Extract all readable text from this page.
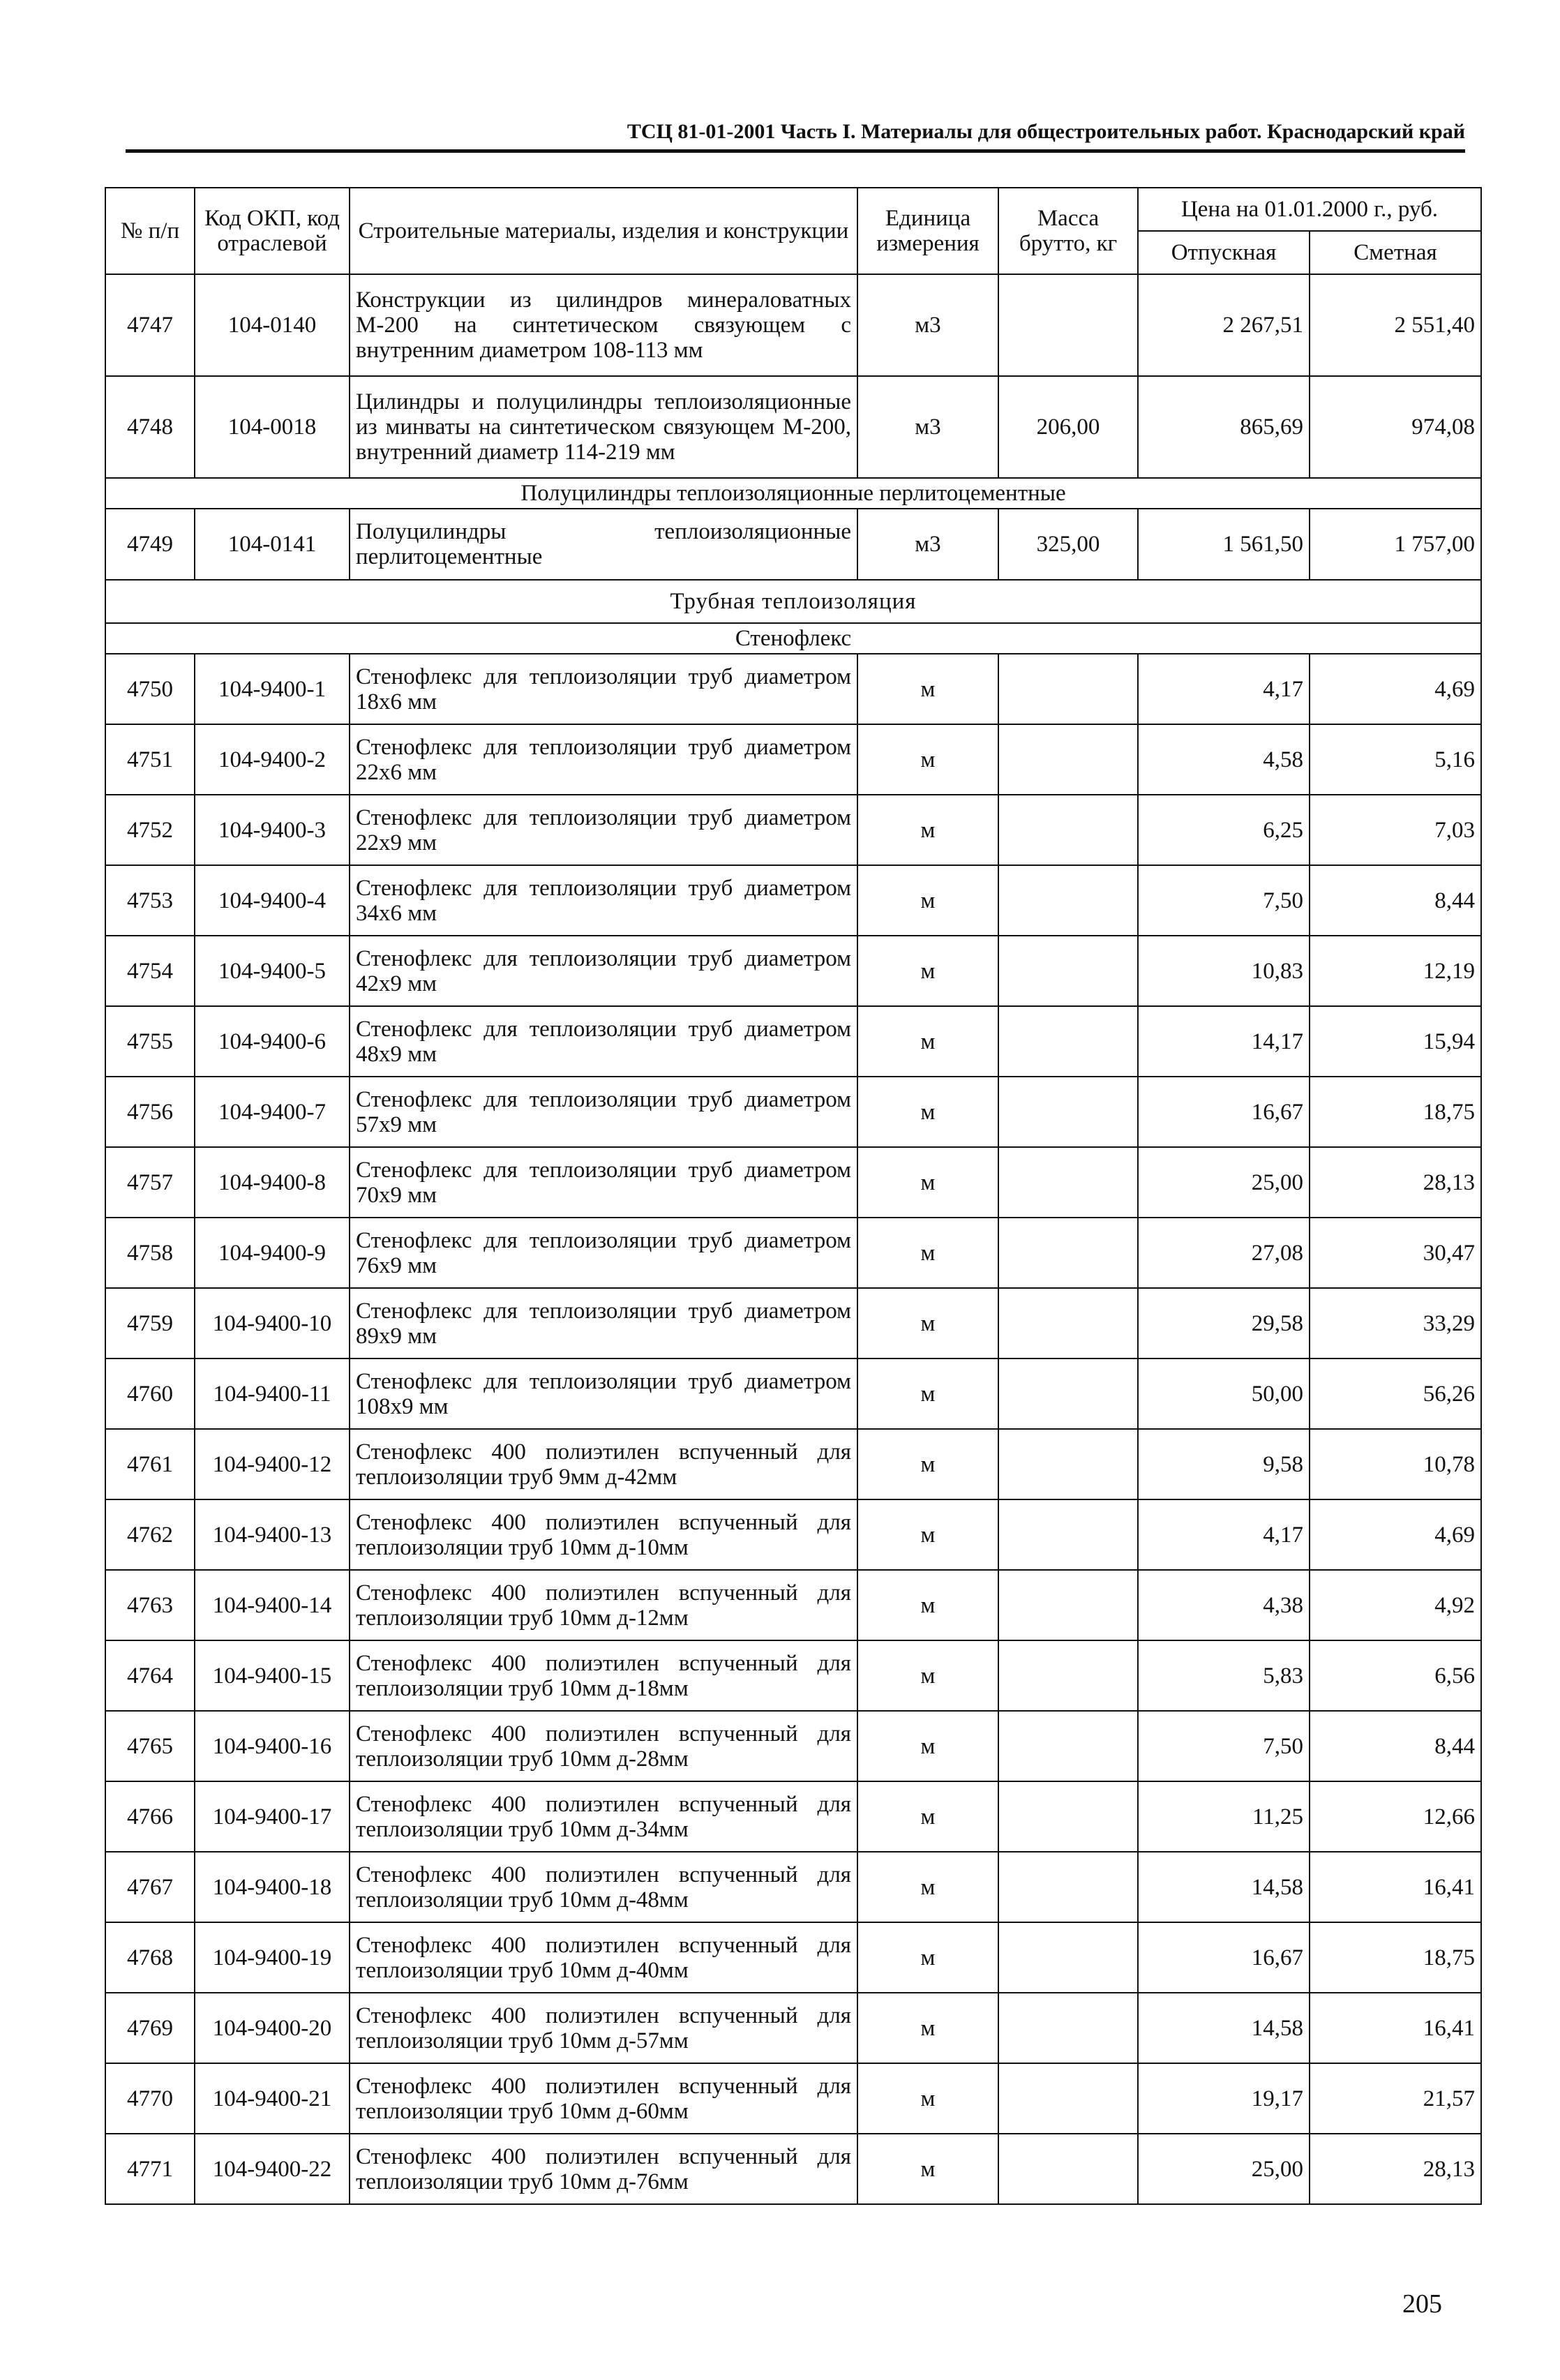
ТСЦ 81-01-2001 Часть I. Материалы для общестроительных работ. Краснодарский край
№ п/п	Код ОКП, код отраслевой	Строительные материалы, изделия и конструкции	Единица измерения	Масса брутто, кг	Цена на 01.01.2000 г., руб.	
					Отпускная	Сметная
4747	104-0140	Конструкции из цилиндров минераловатных М-200 на синтетическом связующем с внутренним диаметром 108-113 мм	м3		2 267,51	2 551,40
4748	104-0018	Цилиндры и полуцилиндры теплоизоляционные из минваты на синтетическом связующем М-200, внутренний диаметр 114-219 мм	м3	206,00	865,69	974,08
Полуцилиндры теплоизоляционные перлитоцементные						
4749	104-0141	Полуцилиндры теплоизоляционные перлитоцементные	м3	325,00	1 561,50	1 757,00
Трубная теплоизоляция						
Стенофлекс						
4750	104-9400-1	Стенофлекс для теплоизоляции труб диаметром 18х6 мм	м		4,17	4,69
4751	104-9400-2	Стенофлекс для теплоизоляции труб диаметром 22х6 мм	м		4,58	5,16
4752	104-9400-3	Стенофлекс для теплоизоляции труб диаметром 22х9 мм	м		6,25	7,03
4753	104-9400-4	Стенофлекс для теплоизоляции труб диаметром 34х6 мм	м		7,50	8,44
4754	104-9400-5	Стенофлекс для теплоизоляции труб диаметром 42х9 мм	м		10,83	12,19
4755	104-9400-6	Стенофлекс для теплоизоляции труб диаметром 48х9 мм	м		14,17	15,94
4756	104-9400-7	Стенофлекс для теплоизоляции труб диаметром 57х9 мм	м		16,67	18,75
4757	104-9400-8	Стенофлекс для теплоизоляции труб диаметром 70х9 мм	м		25,00	28,13
4758	104-9400-9	Стенофлекс для теплоизоляции труб диаметром 76х9 мм	м		27,08	30,47
4759	104-9400-10	Стенофлекс для теплоизоляции труб диаметром 89х9 мм	м		29,58	33,29
4760	104-9400-11	Стенофлекс для теплоизоляции труб диаметром 108х9 мм	м		50,00	56,26
4761	104-9400-12	Стенофлекс 400 полиэтилен вспученный для теплоизоляции труб 9мм д-42мм	м		9,58	10,78
4762	104-9400-13	Стенофлекс 400 полиэтилен вспученный для теплоизоляции труб 10мм д-10мм	м		4,17	4,69
4763	104-9400-14	Стенофлекс 400 полиэтилен вспученный для теплоизоляции труб 10мм д-12мм	м		4,38	4,92
4764	104-9400-15	Стенофлекс 400 полиэтилен вспученный для теплоизоляции труб 10мм д-18мм	м		5,83	6,56
4765	104-9400-16	Стенофлекс 400 полиэтилен вспученный для теплоизоляции труб 10мм д-28мм	м		7,50	8,44
4766	104-9400-17	Стенофлекс 400 полиэтилен вспученный для теплоизоляции труб 10мм д-34мм	м		11,25	12,66
4767	104-9400-18	Стенофлекс 400 полиэтилен вспученный для теплоизоляции труб 10мм д-48мм	м		14,58	16,41
4768	104-9400-19	Стенофлекс 400 полиэтилен вспученный для теплоизоляции труб 10мм д-40мм	м		16,67	18,75
4769	104-9400-20	Стенофлекс 400 полиэтилен вспученный для теплоизоляции труб 10мм д-57мм	м		14,58	16,41
4770	104-9400-21	Стенофлекс 400 полиэтилен вспученный для теплоизоляции труб 10мм д-60мм	м		19,17	21,57
4771	104-9400-22	Стенофлекс 400 полиэтилен вспученный для теплоизоляции труб 10мм д-76мм	м		25,00	28,13
205
